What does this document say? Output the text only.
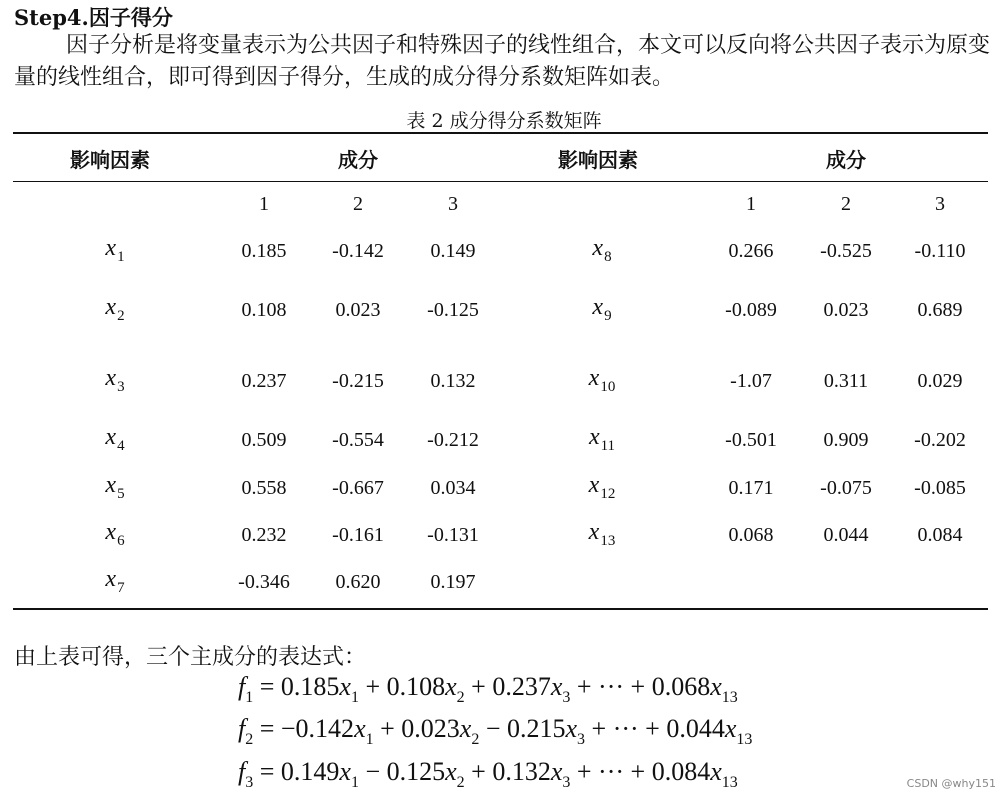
Step4.因子得分
因子分析是将变量表示为公共因子和特殊因子的线性组合，本文可以反向将公共因子表示为原变量的线性组合，即可得到因子得分，生成的成分得分系数矩阵如表。
表 2 成分得分系数矩阵
影响因素	成分	影响因素	成分
1	2	3	1	2	3
$x_1$	0.185	-0.142	0.149
$x_2$	0.108	0.023	-0.125
$x_3$	0.237	-0.215	0.132
$x_4$	0.509	-0.554	-0.212
$x_5$	0.558	-0.667	0.034
$x_6$	0.232	-0.161	-0.131
$x_7$	-0.346	0.620	0.197
$x_8$	0.266	-0.525	-0.110
$x_9$	-0.089	0.023	0.689
$x_{10}$	-1.07	0.311	0.029
$x_{11}$	-0.501	0.909	-0.202
$x_{12}$	0.171	-0.075	-0.085
$x_{13}$	0.068	0.044	0.084
由上表可得，三个主成分的表达式：
$f_1 = 0.185x_1 + 0.108x_2 + 0.237x_3$ + ··· + $0.068x_{13}$
$f_2 = -0.142x_1 + 0.023x_2 - 0.215x_3$ + ··· + $0.044x_{13}$
$f_3 = 0.149x_1 - 0.125x_2 + 0.132x_3$ + ··· + $0.084x_{13}$	CSDN @why151
